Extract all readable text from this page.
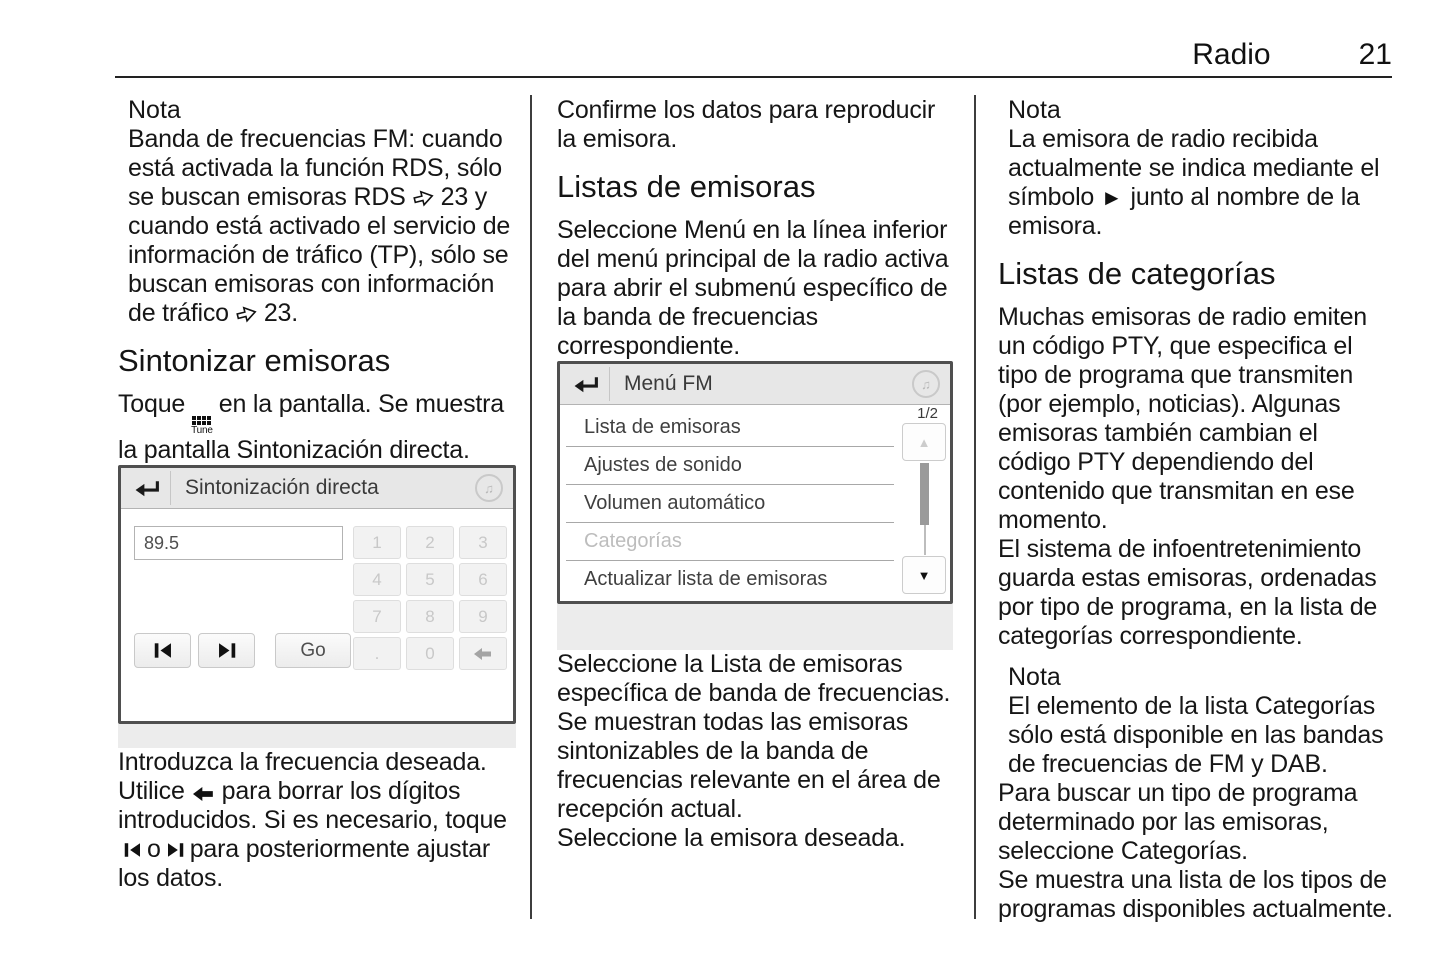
Radio	21
Nota

Banda de frecuencias FM: cuando está activada la función RDS, sólo se buscan emisoras RDS 23 y cuando está activado el servicio de información de tráfico (TP), sólo se buscan emisoras con información de tráfico 23.

Sintonizar emisoras

Toque
Tune
en la pantalla. Se muestra la pantalla Sintonización directa.

Sintonización directa	♫
89.5	1	2	3
4	5	6
7	8	9
.	0
Go

Introduzca la frecuencia deseada. Utilice para borrar los dígitos introducidos. Si es necesario, toqueo para posteriormente ajustar los datos.

Confirme los datos para reproducir la emisora.

Listas de emisoras

Seleccione Menú en la línea inferior del menú principal de la radio activa para abrir el submenú específico de la banda de frecuencias correspondiente.

Menú FM	♫
Lista de emisoras
Ajustes de sonido
Volumen automático
Categorías
Actualizar lista de emisoras
1/2
▲
▼

Seleccione la Lista de emisoras específica de banda de frecuencias. Se muestran todas las emisoras sintonizables de la banda de frecuencias relevante en el área de recepción actual.

Seleccione la emisora deseada.

Nota

La emisora de radio recibida actualmente se indica mediante el símbolo ► junto al nombre de la emisora.

Listas de categorías

Muchas emisoras de radio emiten un código PTY, que especifica el tipo de programa que transmiten (por ejemplo, noticias). Algunas emisoras también cambian el código PTY dependiendo del contenido que transmitan en ese momento.

El sistema de infoentretenimiento guarda estas emisoras, ordenadas por tipo de programa, en la lista de categorías correspondiente.

Nota

El elemento de la lista Categorías sólo está disponible en las bandas de frecuencias de FM y DAB.

Para buscar un tipo de programa determinado por las emisoras, seleccione Categorías.

Se muestra una lista de los tipos de programas disponibles actualmente.
